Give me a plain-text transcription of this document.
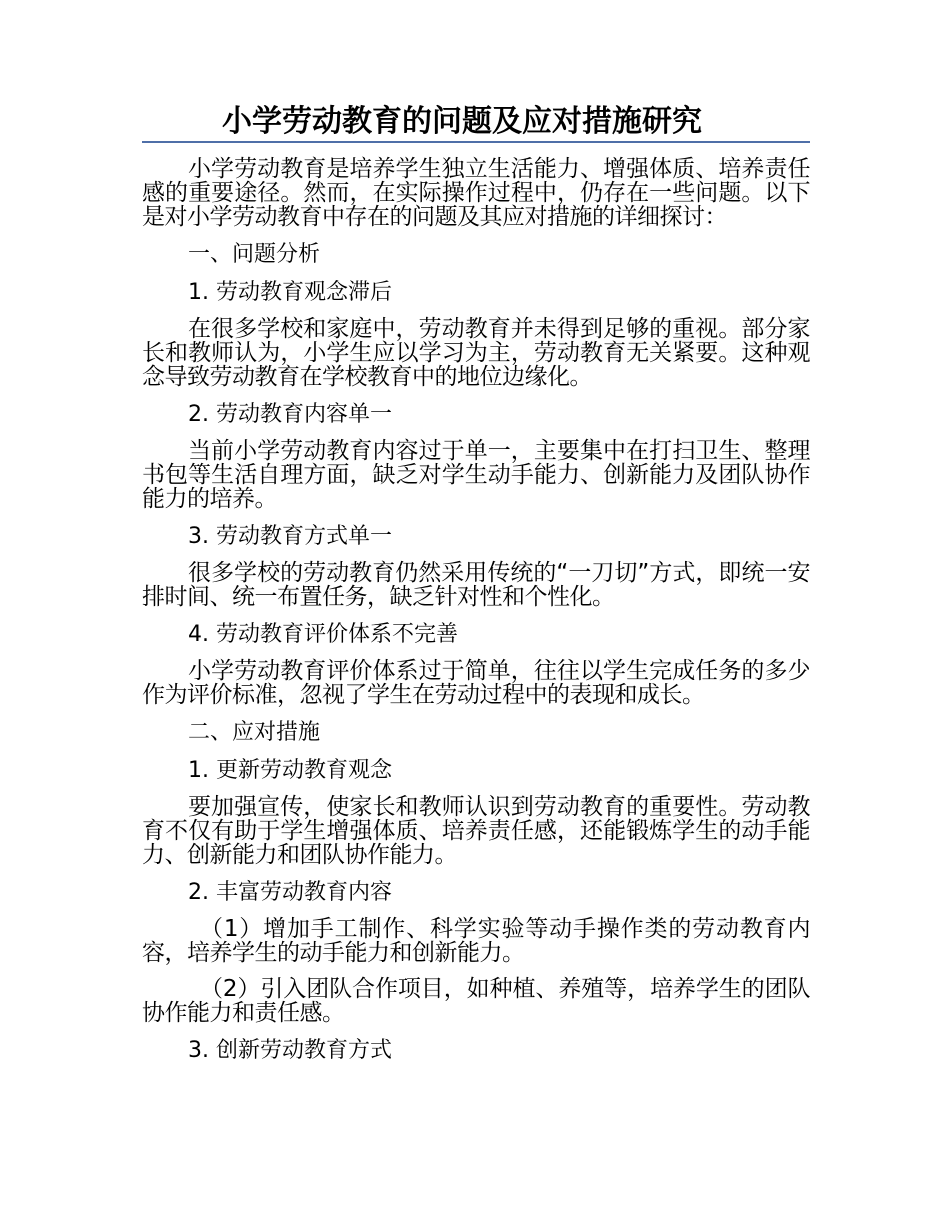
小学劳动教育的问题及应对措施研究

小学劳动教育是培养学生独立生活能力、增强体质、培养责任感的重要途径。然而，在实际操作过程中，仍存在一些问题。以下是对小学劳动教育中存在的问题及其应对措施的详细探讨：

一、问题分析
1. 劳动教育观念滞后

在很多学校和家庭中，劳动教育并未得到足够的重视。部分家长和教师认为，小学生应以学习为主，劳动教育无关紧要。这种观念导致劳动教育在学校教育中的地位边缘化。

2. 劳动教育内容单一

当前小学劳动教育内容过于单一，主要集中在打扫卫生、整理书包等生活自理方面，缺乏对学生动手能力、创新能力及团队协作能力的培养。

3. 劳动教育方式单一

很多学校的劳动教育仍然采用传统的“一刀切”方式，即统一安排时间、统一布置任务，缺乏针对性和个性化。

4. 劳动教育评价体系不完善

小学劳动教育评价体系过于简单，往往以学生完成任务的多少作为评价标准，忽视了学生在劳动过程中的表现和成长。

二、应对措施
1. 更新劳动教育观念

要加强宣传，使家长和教师认识到劳动教育的重要性。劳动教育不仅有助于学生增强体质、培养责任感，还能锻炼学生的动手能力、创新能力和团队协作能力。

2. 丰富劳动教育内容

（1）增加手工制作、科学实验等动手操作类的劳动教育内容，培养学生的动手能力和创新能力。

（2）引入团队合作项目，如种植、养殖等，培养学生的团队协作能力和责任感。

3. 创新劳动教育方式
